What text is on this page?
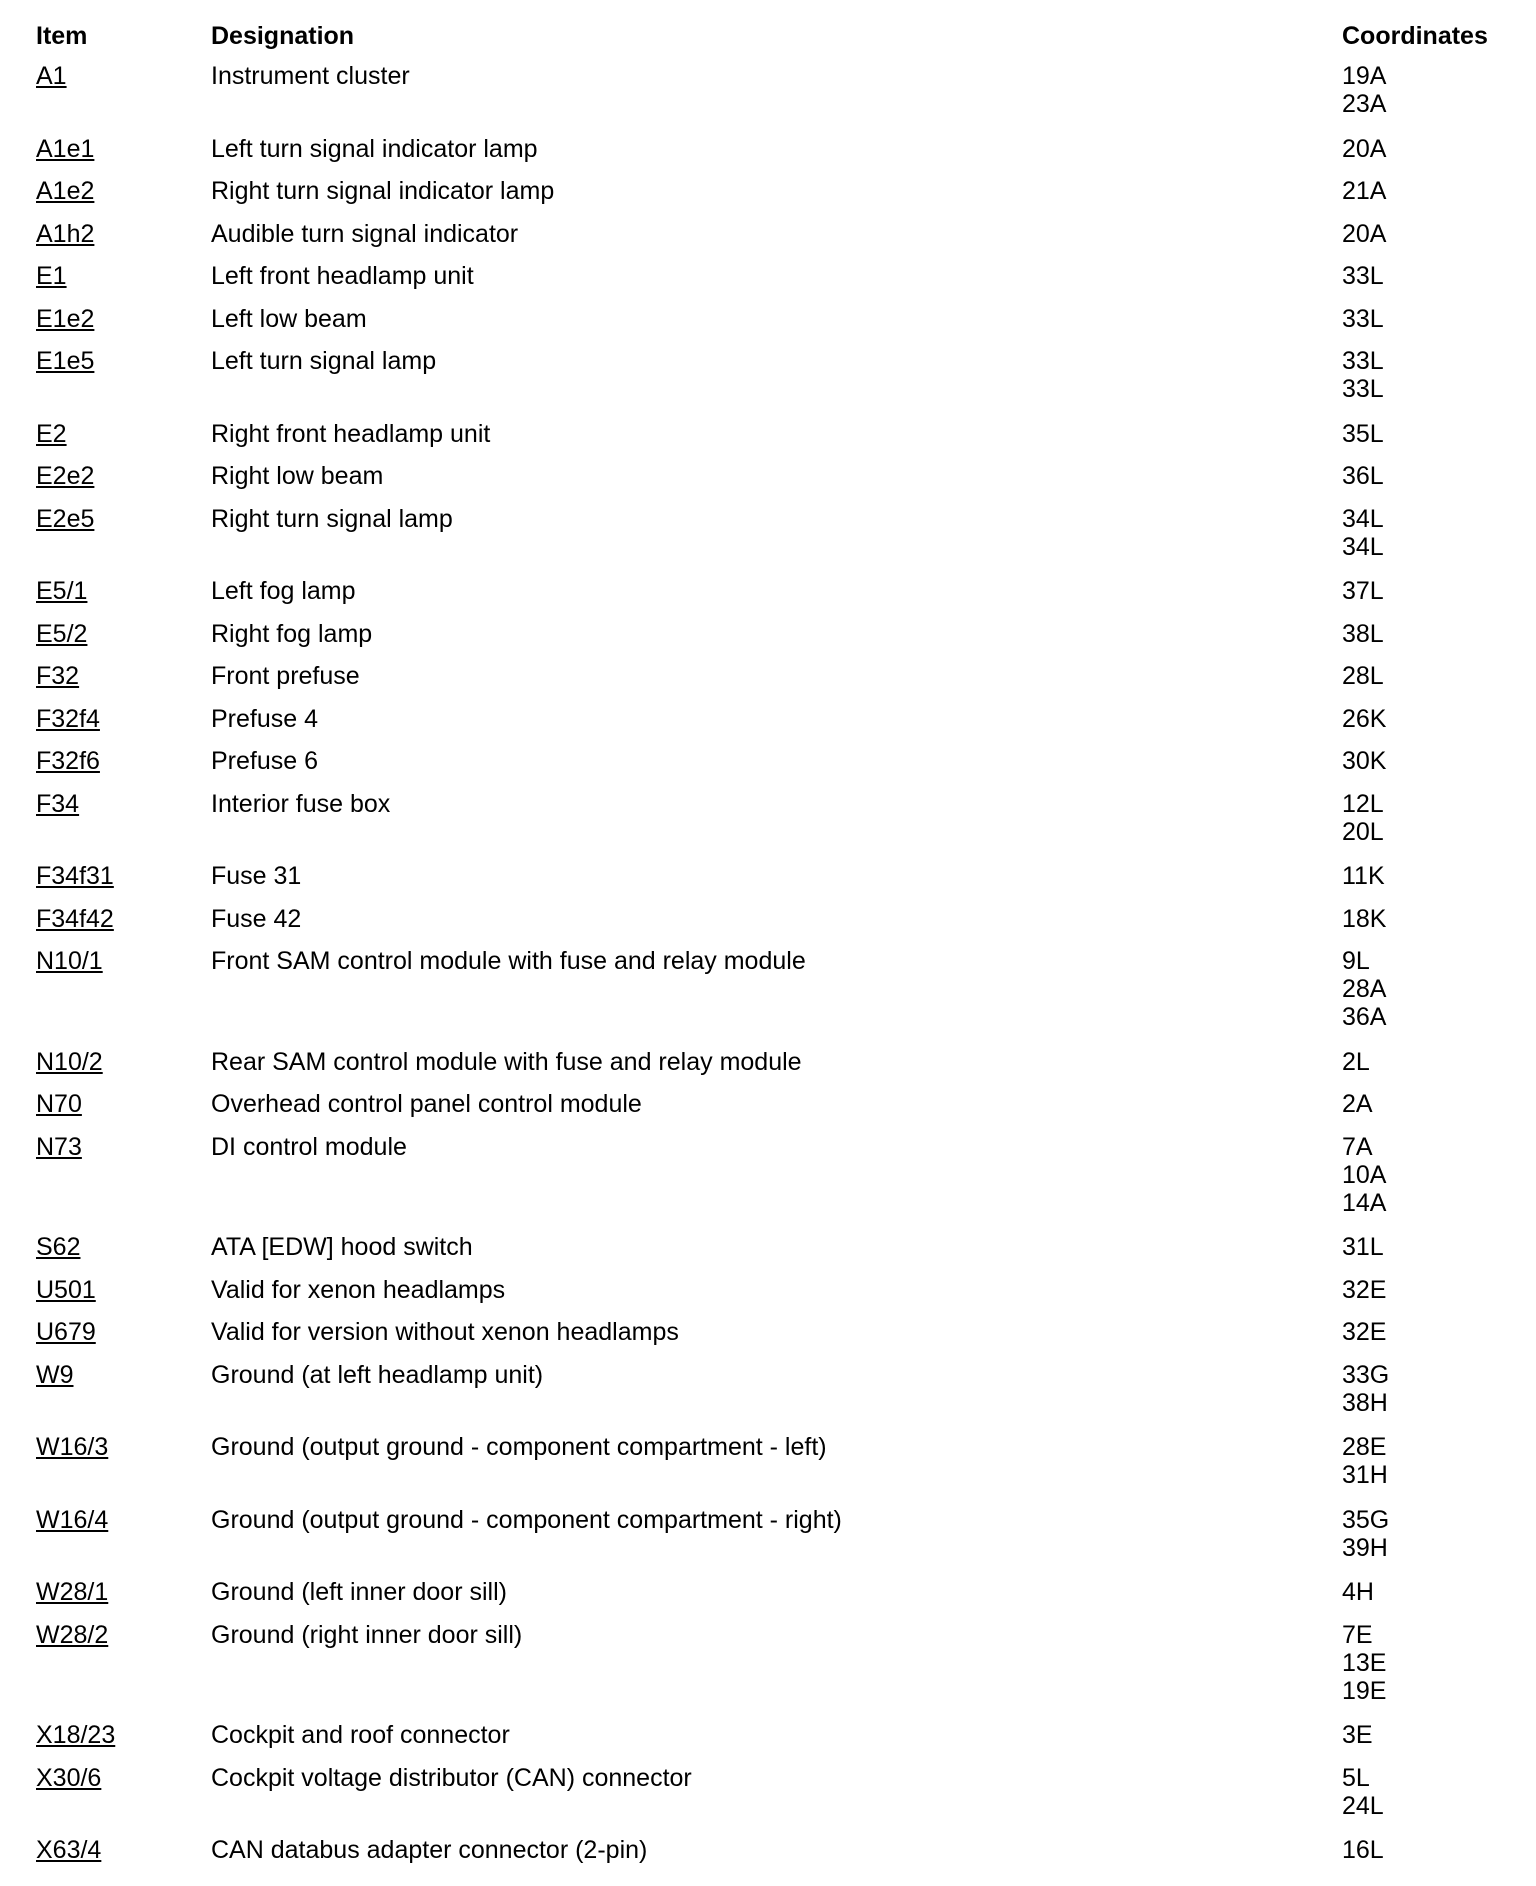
Item	Designation	Coordinates
A1	Instrument cluster	19A
23A
A1e1	Left turn signal indicator lamp	20A
A1e2	Right turn signal indicator lamp	21A
A1h2	Audible turn signal indicator	20A
E1	Left front headlamp unit	33L
E1e2	Left low beam	33L
E1e5	Left turn signal lamp	33L
33L
E2	Right front headlamp unit	35L
E2e2	Right low beam	36L
E2e5	Right turn signal lamp	34L
34L
E5/1	Left fog lamp	37L
E5/2	Right fog lamp	38L
F32	Front prefuse	28L
F32f4	Prefuse 4	26K
F32f6	Prefuse 6	30K
F34	Interior fuse box	12L
20L
F34f31	Fuse 31	11K
F34f42	Fuse 42	18K
N10/1	Front SAM control module with fuse and relay module	9L
28A
36A
N10/2	Rear SAM control module with fuse and relay module	2L
N70	Overhead control panel control module	2A
N73	DI control module	7A
10A
14A
S62	ATA [EDW] hood switch	31L
U501	Valid for xenon headlamps	32E
U679	Valid for version without xenon headlamps	32E
W9	Ground (at left headlamp unit)	33G
38H
W16/3	Ground (output ground - component compartment - left)	28E
31H
W16/4	Ground (output ground - component compartment - right)	35G
39H
W28/1	Ground (left inner door sill)	4H
W28/2	Ground (right inner door sill)	7E
13E
19E
X18/23	Cockpit and roof connector	3E
X30/6	Cockpit voltage distributor (CAN) connector	5L
24L
X63/4	CAN databus adapter connector (2-pin)	16L
